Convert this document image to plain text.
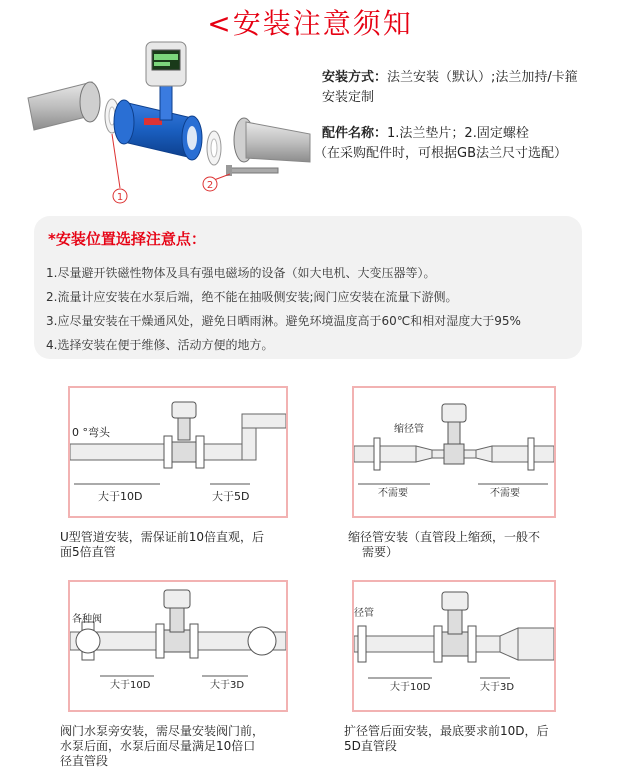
<安装注意须知
1
2
安装方式：法兰安装（默认）;法兰加持/卡箍
安装定制
配件名称：1.法兰垫片；2.固定螺栓
（在采购配件时，可根据GB法兰尺寸选配）
*安装位置选择注意点：
1.尽量避开铁磁性物体及具有强电磁场的设备（如大电机、大变压器等）。
2.流量计应安装在水泵后端，绝不能在抽吸侧安装;阀门应安装在流量下游侧。
3.应尽量安装在干燥通风处，避免日晒雨淋。避免环境温度高于60℃和相对湿度大于95%
4.选择安装在便于维修、活动方便的地方。
0 °弯头
大于10D	大于5D
U型管道安装，需保证前10倍直观，后
面5倍直管
缩径管
不需要	不需要
缩径管安装（直管段上缩颈，一般不
需要）
各种阀
大于10D	大于3D
阀门水泵旁安装，需尽量安装阀门前，
水泵后面，水泵后面尽量满足10倍口
径直管段
径管
大于10D	大于3D
扩径管后面安装，最底要求前10D，后
5D直管段
